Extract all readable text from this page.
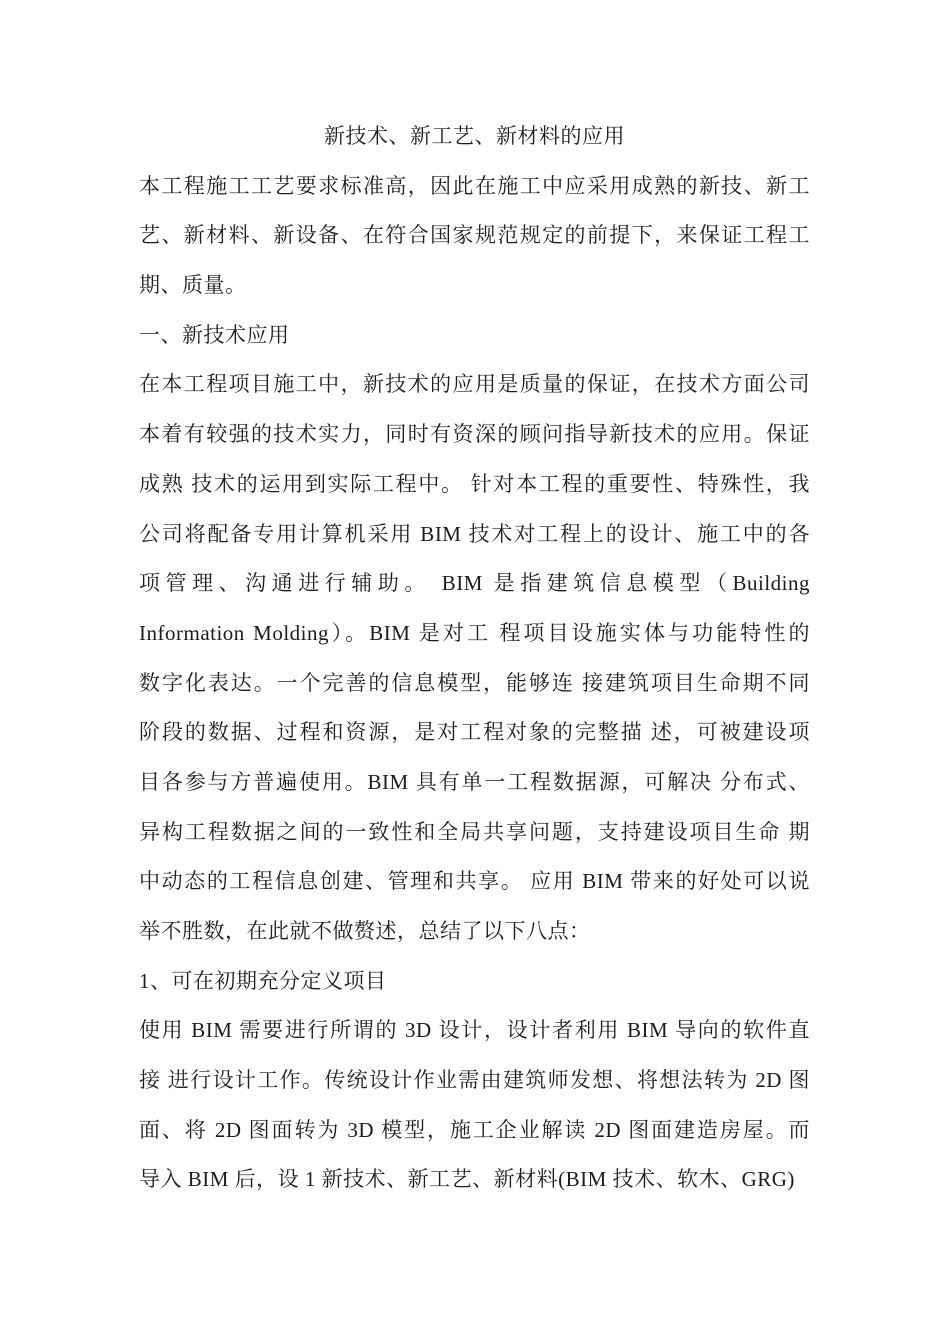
新技术、新工艺、新材料的应用
本工程施工工艺要求标准高，因此在施工中应采用成熟的新技、新工
艺、新材料、新设备、在符合国家规范规定的前提下，来保证工程工
期、质量。
一、新技术应用
在本工程项目施工中，新技术的应用是质量的保证，在技术方面公司
本着有较强的技术实力，同时有资深的顾问指导新技术的应用。保证
成熟 技术的运用到实际工程中。 针对本工程的重要性、特殊性，我
公司将配备专用计算机采用 BIM 技术对工程上的设计、施工中的各
项管理、沟通进行辅助。 BIM 是指建筑信息模型（Building
Information Molding）。BIM 是对工 程项目设施实体与功能特性的
数字化表达。一个完善的信息模型，能够连 接建筑项目生命期不同
阶段的数据、过程和资源，是对工程对象的完整描 述，可被建设项
目各参与方普遍使用。BIM 具有单一工程数据源，可解决 分布式、
异构工程数据之间的一致性和全局共享问题，支持建设项目生命 期
中动态的工程信息创建、管理和共享。 应用 BIM 带来的好处可以说
举不胜数，在此就不做赘述，总结了以下八点：
1、可在初期充分定义项目
使用 BIM 需要进行所谓的 3D 设计，设计者利用 BIM 导向的软件直
接 进行设计工作。传统设计作业需由建筑师发想、将想法转为 2D 图
面、将 2D 图面转为 3D 模型，施工企业解读 2D 图面建造房屋。而
导入 BIM 后，设 1 新技术、新工艺、新材料(BIM 技术、软木、GRG)
